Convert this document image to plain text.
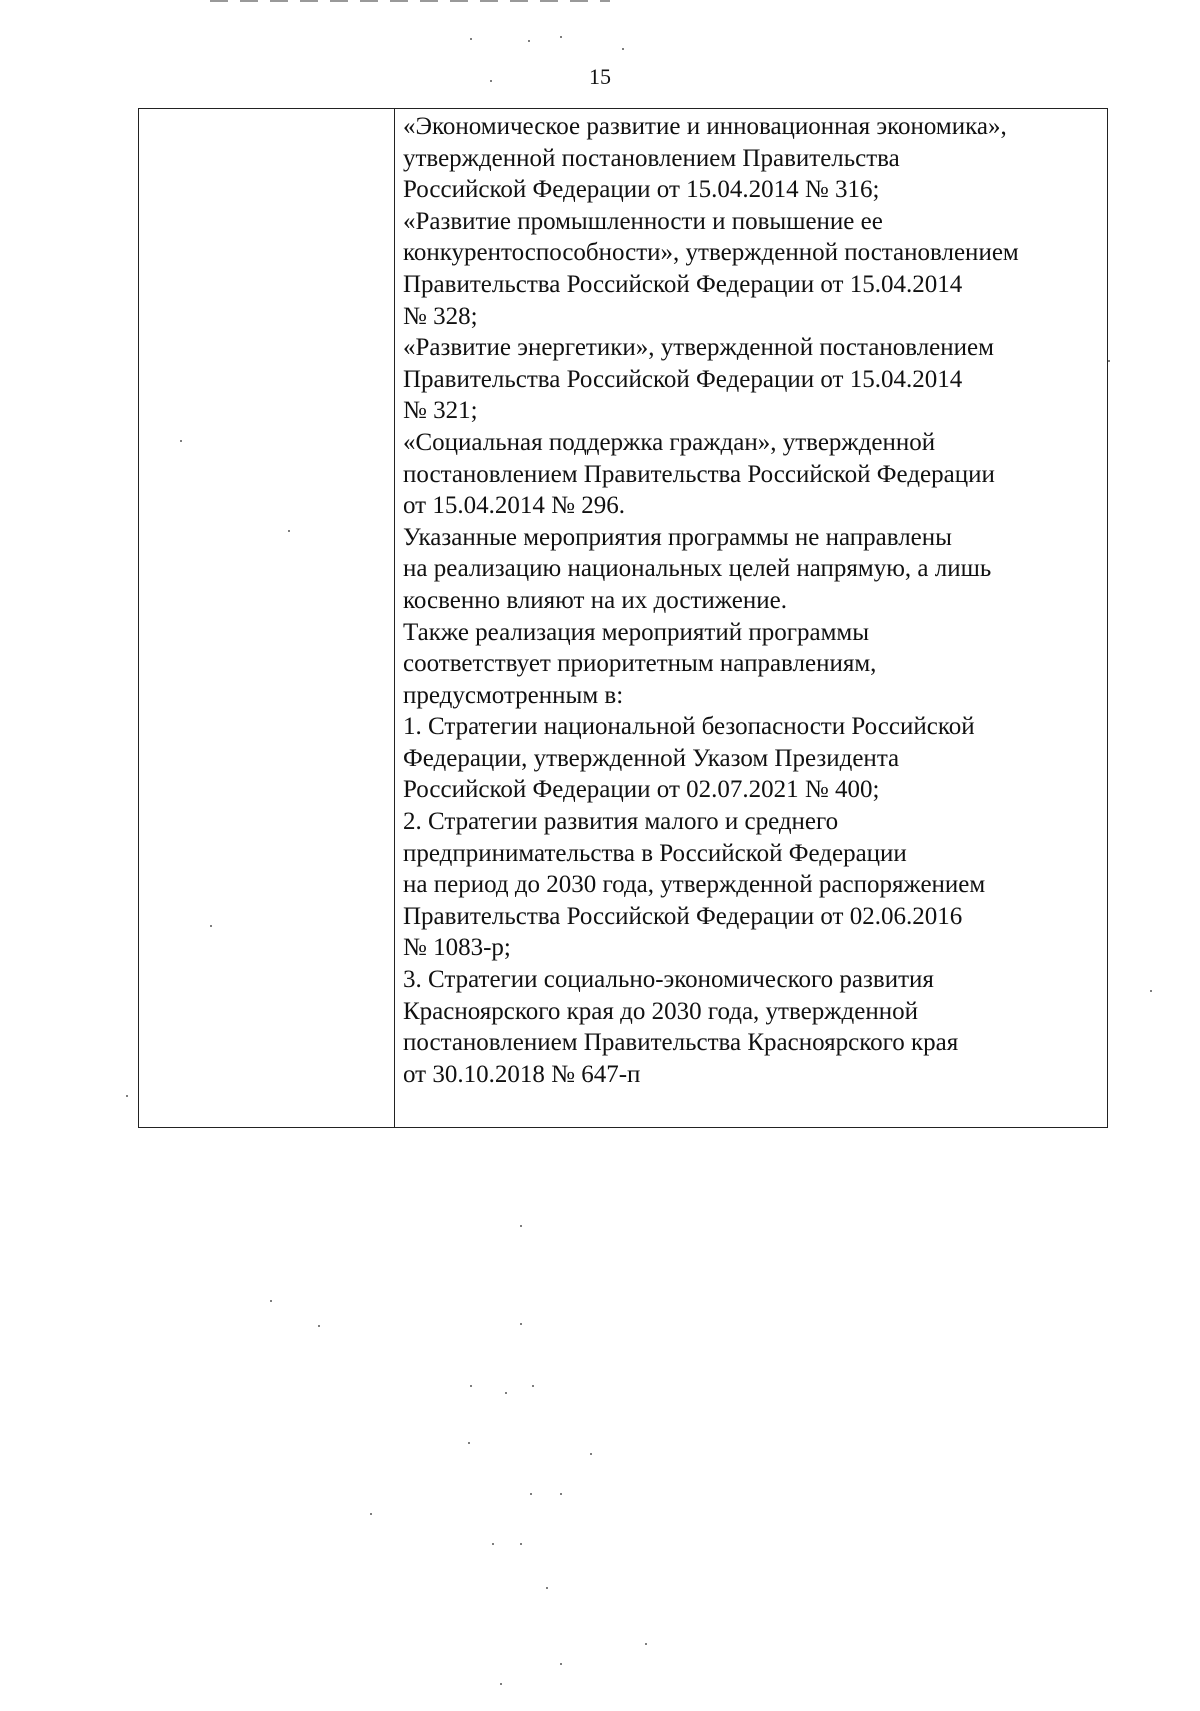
15
«Экономическое развитие и инновационная экономика»,
утвержденной постановлением Правительства
Российской Федерации от 15.04.2014 № 316;
«Развитие промышленности и повышение ее
конкурентоспособности», утвержденной постановлением
Правительства Российской Федерации от 15.04.2014
№ 328;
«Развитие энергетики», утвержденной постановлением
Правительства Российской Федерации от 15.04.2014
№ 321;
«Социальная поддержка граждан», утвержденной
постановлением Правительства Российской Федерации
от 15.04.2014 № 296.
Указанные мероприятия программы не направлены
на реализацию национальных целей напрямую, а лишь
косвенно влияют на их достижение.
Также реализация мероприятий программы
соответствует приоритетным направлениям,
предусмотренным в:
1. Стратегии национальной безопасности Российской
Федерации, утвержденной Указом Президента
Российской Федерации от 02.07.2021 № 400;
2. Стратегии развития малого и среднего
предпринимательства в Российской Федерации
на период до 2030 года, утвержденной распоряжением
Правительства Российской Федерации от 02.06.2016
№ 1083-р;
3. Стратегии социально-экономического развития
Красноярского края до 2030 года, утвержденной
постановлением Правительства Красноярского края
от 30.10.2018 № 647-п
